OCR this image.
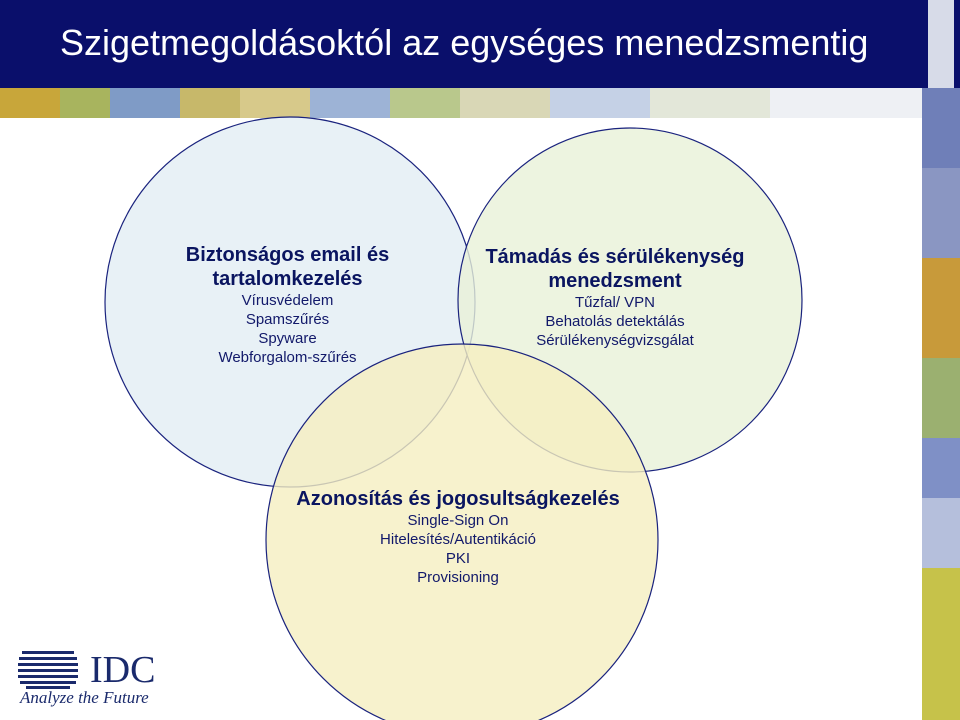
Szigetmegoldásoktól az egységes menedzsmentig
Biztonságos email és
tartalomkezelés
Vírusvédelem
Spamszűrés
Spyware
Webforgalom-szűrés
Támadás és sérülékenység
menedzsment
Tűzfal/ VPN
Behatolás detektálás
Sérülékenységvizsgálat
Azonosítás és jogosultságkezelés
Single-Sign On
Hitelesítés/Autentikáció
PKI
Provisioning
IDC
Analyze the Future
